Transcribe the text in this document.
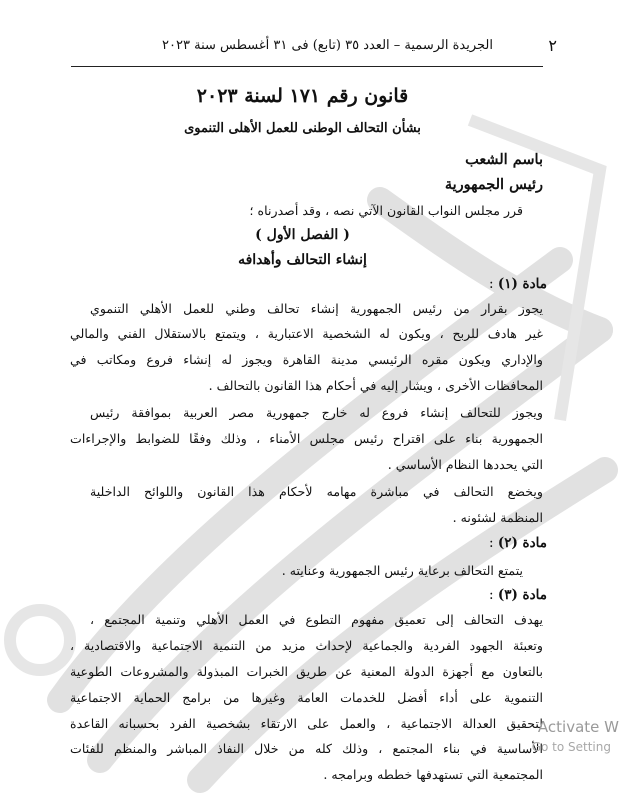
٢
الجريدة الرسمية – العدد ٣٥ (تابع) فى ٣١ أغسطس سنة ٢٠٢٣
قانون رقم ١٧١ لسنة ٢٠٢٣
بشأن التحالف الوطنى للعمل الأهلى التنموى
باسم الشعب
رئيس الجمهورية
قرر مجلس النواب القانون الآتي نصه ، وقد أصدرناه ؛
( الفصل الأول )
إنشاء التحالف وأهدافه
مادة (١) :
يجوز بقرار من رئيس الجمهورية إنشاء تحالف وطني للعمل الأهلي التنموي
غير هادف للربح ، ويكون له الشخصية الاعتبارية ، ويتمتع بالاستقلال الفني والمالي
والإداري ويكون مقره الرئيسي مدينة القاهرة ويجوز له إنشاء فروع ومكاتب في
المحافظات الأخرى ، ويشار إليه في أحكام هذا القانون بالتحالف .
ويجوز للتحالف إنشاء فروع له خارج جمهورية مصر العربية بموافقة رئيس
الجمهورية بناء على اقتراح رئيس مجلس الأمناء ، وذلك وفقًا للضوابط والإجراءات
التي يحددها النظام الأساسي .
ويخضع التحالف في مباشرة مهامه لأحكام هذا القانون واللوائح الداخلية
المنظمة لشئونه .
مادة (٢) :
يتمتع التحالف برعاية رئيس الجمهورية وعنايته .
مادة (٣) :
يهدف التحالف إلى تعميق مفهوم التطوع في العمل الأهلي وتنمية المجتمع ،
وتعبئة الجهود الفردية والجماعية لإحداث مزيد من التنمية الاجتماعية والاقتصادية ،
بالتعاون مع أجهزة الدولة المعنية عن طريق الخبرات المبذولة والمشروعات الطوعية
التنموية على أداء أفضل للخدمات العامة وغيرها من برامج الحماية الاجتماعية
لتحقيق العدالة الاجتماعية ، والعمل على الارتقاء بشخصية الفرد بحسبانه القاعدة
الأساسية في بناء المجتمع ، وذلك كله من خلال النفاذ المباشر والمنظم للفئات
المجتمعية التي تستهدفها خططه وبرامجه .
Activate W
Go to Setting
